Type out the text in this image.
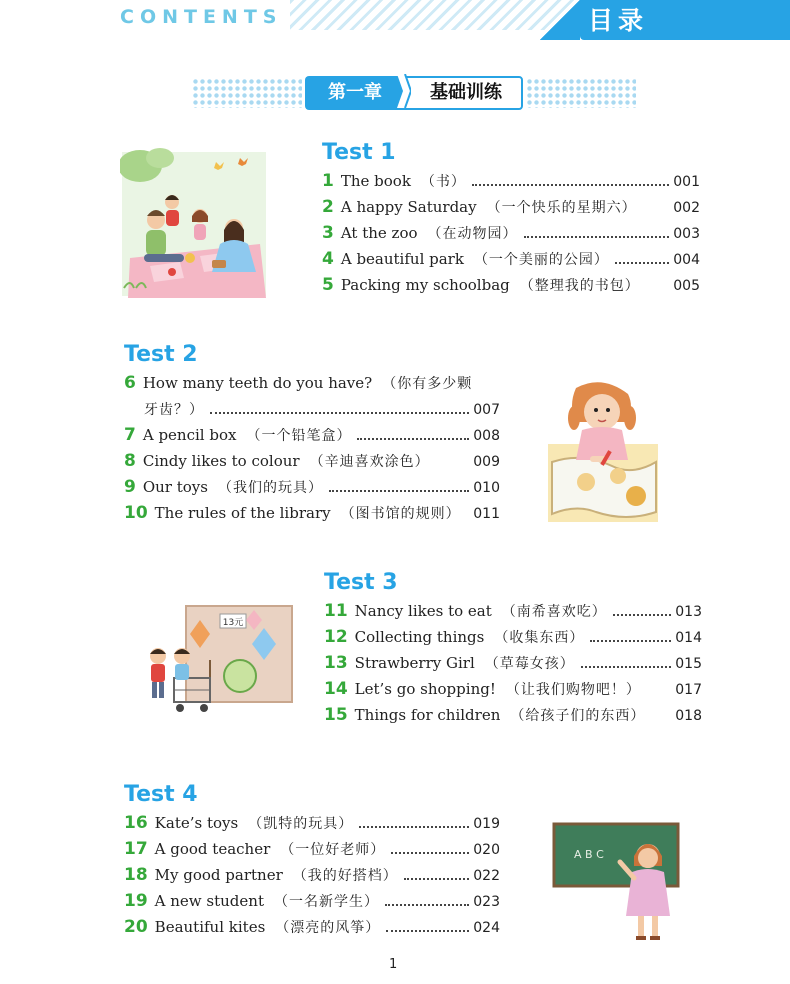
CONTENTS	目录
基础训练
第一章
Test 1
1 The book （书）	001
2 A happy Saturday （一个快乐的星期六）	002
3 At the zoo （在动物园）	003
4 A beautiful park （一个美丽的公园）	004
5 Packing my schoolbag （整理我的书包） 005
Test 2
6 How many teeth do you have? （你有多少颗
牙齿？）	007
7 A pencil box （一个铅笔盒）	008
8 Cindy likes to colour （辛迪喜欢涂色）	009
9 Our toys （我们的玩具）	010
10 The rules of the library （图书馆的规则） 011
Test 3
11 Nancy likes to eat （南希喜欢吃）	013
12 Collecting things （收集东西）	014
13 Strawberry Girl （草莓女孩）	015
14 Let’s go shopping! （让我们购物吧！） 017
15 Things for children （给孩子们的东西） 018
13元
Test 4
16 Kate’s toys （凯特的玩具）	019
17 A good teacher （一位好老师）	020
18 My good partner （我的好搭档）	022
19 A new student （一名新学生）	023
20 Beautiful kites （漂亮的风筝）	024
A B C
1
